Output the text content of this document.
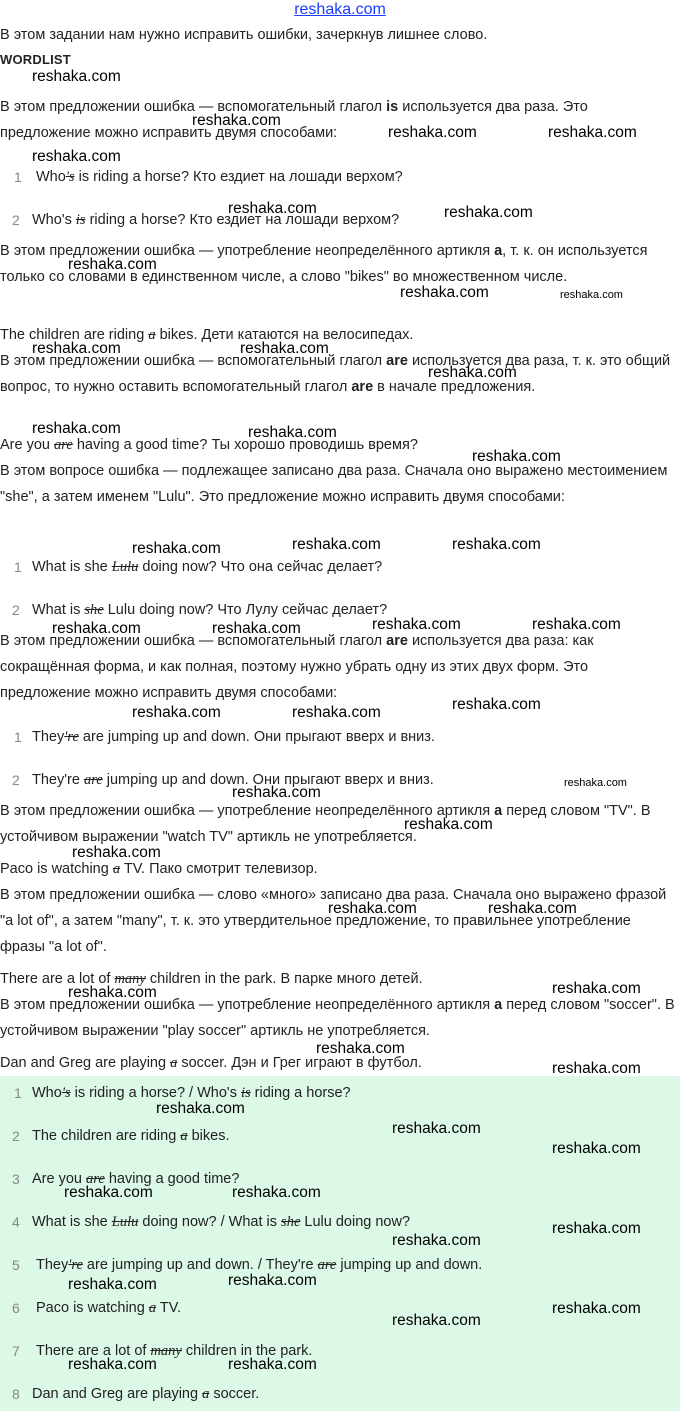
reshaka.com
В этом задании нам нужно исправить ошибки, зачеркнув лишнее слово.
WORDLIST
В этом предложении ошибка — вспомогательный глагол is используется два раза. Это предложение можно исправить двумя способами:
1 Who's is riding a horse? Кто ездиет на лошади верхом?
2 Who's is riding a horse? Кто ездиет на лошади верхом?
В этом предложении ошибка — употребление неопределённого артикля a, т. к. он используется только со словами в единственном числе, а слово "bikes" во множественном числе.
The children are riding a bikes. Дети катаются на велосипедах.
В этом предложении ошибка — вспомогательный глагол are используется два раза, т. к. это общий вопрос, то нужно оставить вспомогательный глагол are в начале предложения.
Are you are having a good time? Ты хорошо проводишь время?
В этом вопросе ошибка — подлежащее записано два раза. Сначала оно выражено местоимением "she", а затем именем "Lulu". Это предложение можно исправить двумя способами:
1 What is she Lulu doing now? Что она сейчас делает?
2 What is she Lulu doing now? Что Лулу сейчас делает?
В этом предложении ошибка — вспомогательный глагол are используется два раза: как сокращённая форма, и как полная, поэтому нужно убрать одну из этих двух форм. Это предложение можно исправить двумя способами:
1 They're are jumping up and down. Они прыгают вверх и вниз.
2 They're are jumping up and down. Они прыгают вверх и вниз.
В этом предложении ошибка — употребление неопределённого артикля a перед словом "TV". В устойчивом выражении "watch TV" артикль не употребляется.
Paco is watching a TV. Пако смотрит телевизор.
В этом предложении ошибка — слово «много» записано два раза. Сначала оно выражено фразой "a lot of", а затем "many", т. к. это утвердительное предложение, то правильнее употребление фразы "a lot of".
There are a lot of many children in the park. В парке много детей.
В этом предложении ошибка — употребление неопределённого артикля a перед словом "soccer". В устойчивом выражении "play soccer" артикль не употребляется.
Dan and Greg are playing a soccer. Дэн и Грег играют в футбол.
1 Who's is riding a horse? / Who's is riding a horse?
2 The children are riding a bikes.
3 Are you are having a good time?
4 What is she Lulu doing now? / What is she Lulu doing now?
5 They're are jumping up and down. / They're are jumping up and down.
6 Paco is watching a TV.
7 There are a lot of many children in the park.
8 Dan and Greg are playing a soccer.
reshaka.com
reshaka.com
reshaka.com	reshaka.com
reshaka.com
reshaka.com	reshaka.com
reshaka.com
reshaka.com	reshaka.com
reshaka.com	reshaka.com
reshaka.com
reshaka.com	reshaka.com
reshaka.com
reshaka.com	reshaka.com	reshaka.com
reshaka.com	reshaka.com
reshaka.com	reshaka.com
reshaka.com
reshaka.com	reshaka.com
reshaka.com
reshaka.com
reshaka.com
reshaka.com
reshaka.com	reshaka.com
reshaka.com
reshaka.com
reshaka.com
reshaka.com
reshaka.com
reshaka.com
reshaka.com
reshaka.com	reshaka.com
reshaka.com
reshaka.com
reshaka.com
reshaka.com
reshaka.com
reshaka.com
reshaka.com	reshaka.com
